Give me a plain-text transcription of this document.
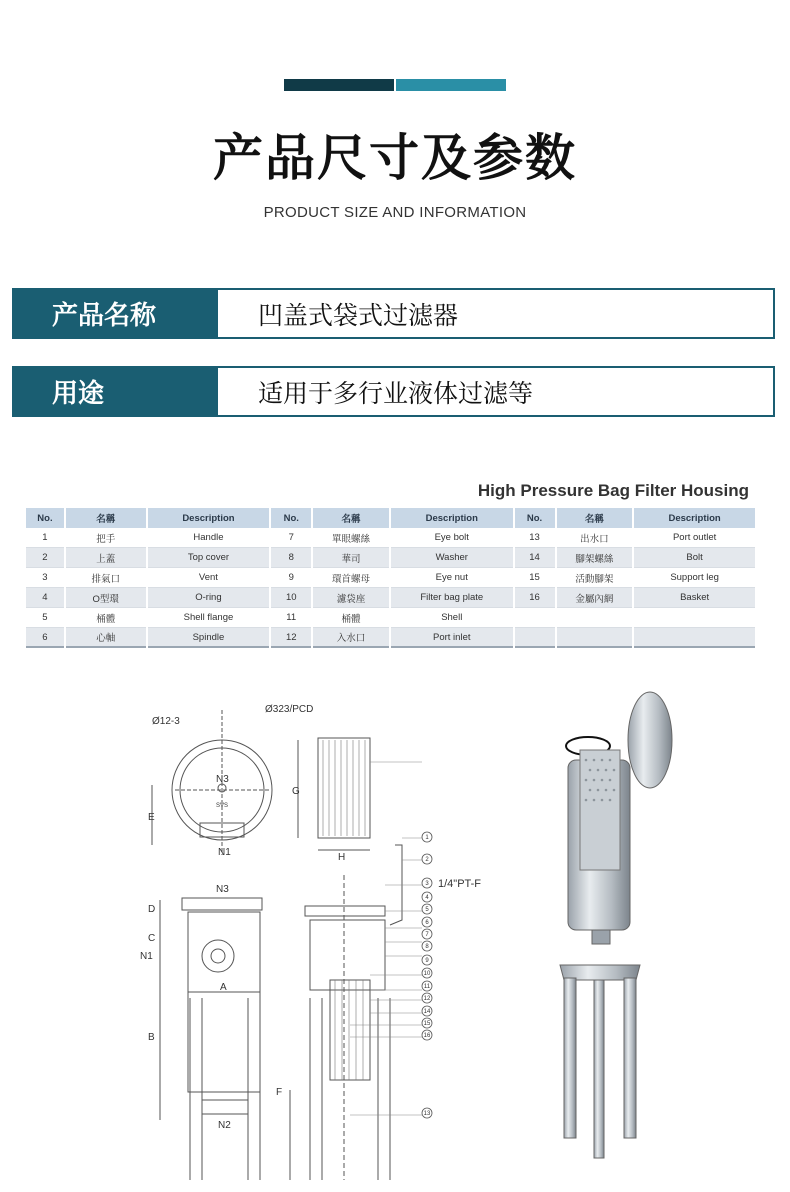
产品尺寸及参数
PRODUCT SIZE AND INFORMATION
产品名称	凹盖式袋式过滤器
用途	适用于多行业液体过滤等
High Pressure Bag Filter Housing
No.	名稱	Description	No.	名稱	Description	No.	名稱	Description
1	把手	Handle	7	單眼螺絲	Eye bolt	13	出水口	Port outlet
2	上蓋	Top cover	8	華司	Washer	14	腳架螺絲	Bolt
3	排氣口	Vent	9	環首螺母	Eye nut	15	活動腳架	Support leg
4	O型環	O-ring	10	濾袋座	Filter bag plate	16	金屬內網	Basket
5	桶體	Shell flange	11	桶體	Shell			
6	心軸	Spindle	12	入水口	Port inlet			
Ø12-3
Ø323/PCD
N3
SVS
E
N1
G
H
N3
D
C
N1
A
B
F
N2
1/4"PT-F
1
2
3
4
5
6
7
8
9
10
11
12
13
14
15
16
